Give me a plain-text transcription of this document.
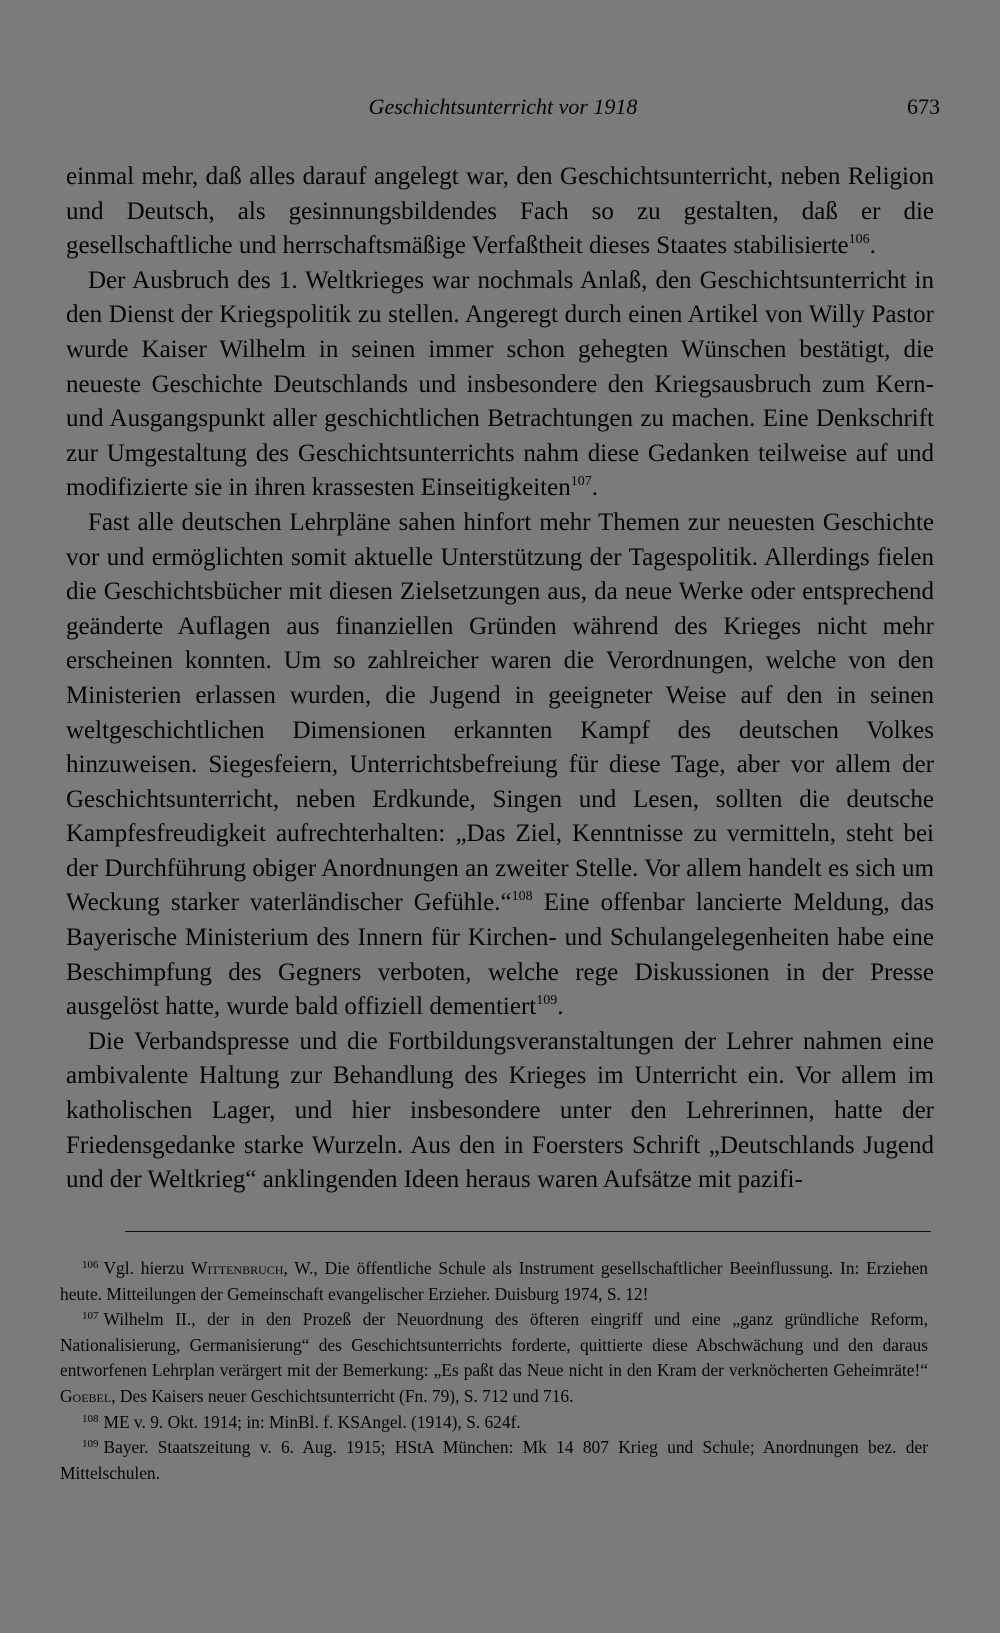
Geschichtsunterricht vor 1918	673

einmal mehr, daß alles darauf angelegt war, den Geschichtsunterricht, neben Religion und Deutsch, als gesinnungsbildendes Fach so zu gestalten, daß er die gesellschaftliche und herrschaftsmäßige Verfaßtheit dieses Staates stabilisierte$^{106}$.

Der Ausbruch des 1. Weltkrieges war nochmals Anlaß, den Geschichtsunterricht in den Dienst der Kriegspolitik zu stellen. Angeregt durch einen Artikel von Willy Pastor wurde Kaiser Wilhelm in seinen immer schon gehegten Wünschen bestätigt, die neueste Geschichte Deutschlands und insbesondere den Kriegsausbruch zum Kern- und Ausgangspunkt aller geschichtlichen Betrachtungen zu machen. Eine Denkschrift zur Umgestaltung des Geschichtsunterrichts nahm diese Gedanken teilweise auf und modifizierte sie in ihren krassesten Einseitigkeiten$^{107}$.

Fast alle deutschen Lehrpläne sahen hinfort mehr Themen zur neuesten Geschichte vor und ermöglichten somit aktuelle Unterstützung der Tagespolitik. Allerdings fielen die Geschichtsbücher mit diesen Zielsetzungen aus, da neue Werke oder entsprechend geänderte Auflagen aus finanziellen Gründen während des Krieges nicht mehr erscheinen konnten. Um so zahlreicher waren die Verordnungen, welche von den Ministerien erlassen wurden, die Jugend in geeigneter Weise auf den in seinen weltgeschichtlichen Dimensionen erkannten Kampf des deutschen Volkes hinzuweisen. Siegesfeiern, Unterrichtsbefreiung für diese Tage, aber vor allem der Geschichtsunterricht, neben Erdkunde, Singen und Lesen, sollten die deutsche Kampfesfreudigkeit aufrechterhalten: „Das Ziel, Kenntnisse zu vermitteln, steht bei der Durchführung obiger Anordnungen an zweiter Stelle. Vor allem handelt es sich um Weckung starker vaterländischer Gefühle.“$^{108}$ Eine offenbar lancierte Meldung, das Bayerische Ministerium des Innern für Kirchen- und Schulangelegenheiten habe eine Beschimpfung des Gegners verboten, welche rege Diskussionen in der Presse ausgelöst hatte, wurde bald offiziell dementiert$^{109}$.

Die Verbandspresse und die Fortbildungsveranstaltungen der Lehrer nahmen eine ambivalente Haltung zur Behandlung des Krieges im Unterricht ein. Vor allem im katholischen Lager, und hier insbesondere unter den Lehrerinnen, hatte der Friedensgedanke starke Wurzeln. Aus den in Foersters Schrift „Deutschlands Jugend und der Weltkrieg“ anklingenden Ideen heraus waren Aufsätze mit pazifi-

$^{106}$ Vgl. hierzu Wittenbruch, W., Die öffentliche Schule als Instrument gesellschaftlicher Beeinflussung. In: Erziehen heute. Mitteilungen der Gemeinschaft evangelischer Erzieher. Duisburg 1974, S. 12!

$^{107}$ Wilhelm II., der in den Prozeß der Neuordnung des öfteren eingriff und eine „ganz gründliche Reform, Nationalisierung, Germanisierung“ des Geschichtsunterrichts forderte, quittierte diese Abschwächung und den daraus entworfenen Lehrplan verärgert mit der Bemerkung: „Es paßt das Neue nicht in den Kram der verknöcherten Geheimräte!“ Goebel, Des Kaisers neuer Geschichtsunterricht (Fn. 79), S. 712 und 716.

$^{108}$ ME v. 9. Okt. 1914; in: MinBl. f. KSAngel. (1914), S. 624f.

$^{109}$ Bayer. Staatszeitung v. 6. Aug. 1915; HStA München: Mk 14 807 Krieg und Schule; Anordnungen bez. der Mittelschulen.
